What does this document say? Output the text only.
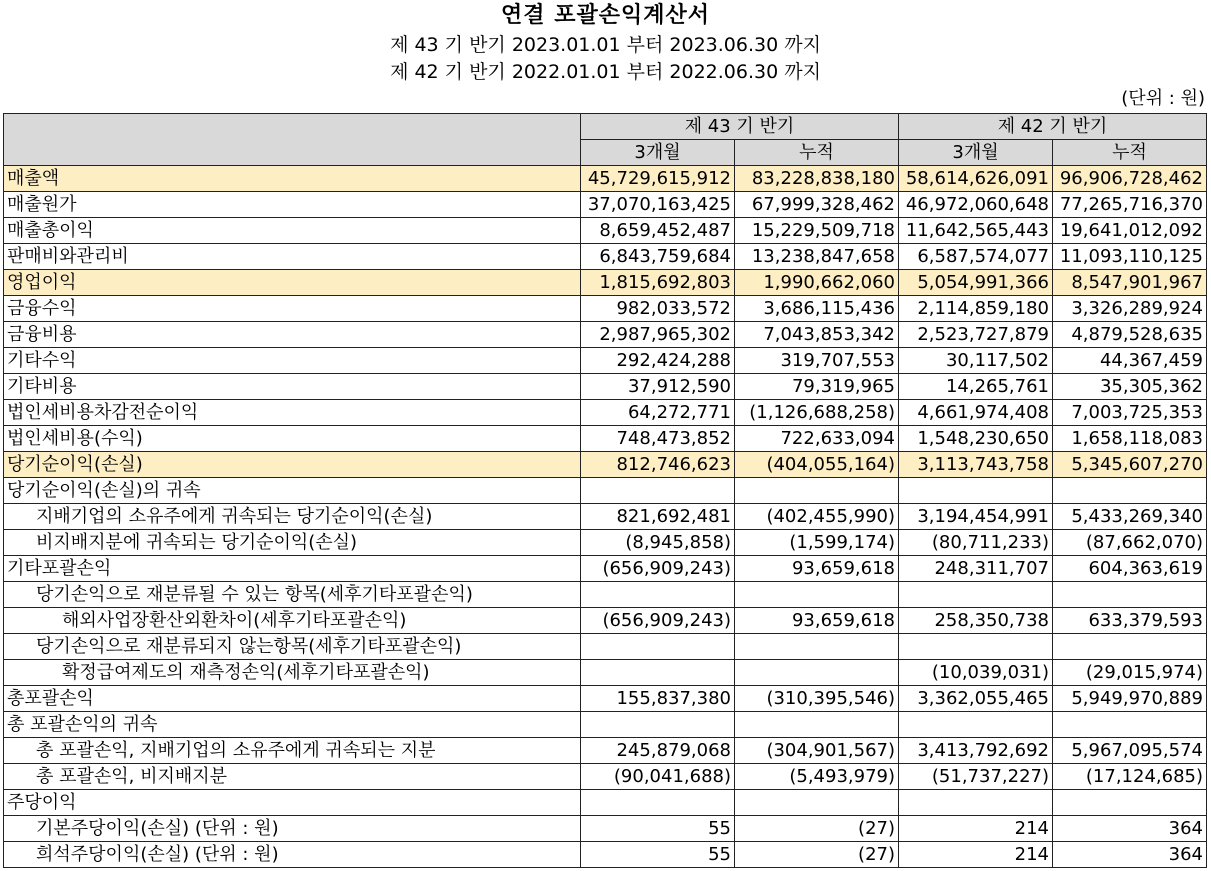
연결 포괄손익계산서
제 43 기 반기 2023.01.01 부터 2023.06.30 까지
제 42 기 반기 2022.01.01 부터 2022.06.30 까지
(단위 : 원)
	제 43 기 반기		제 42 기 반기	
	3개월	누적	3개월	누적
매출액	45,729,615,912	83,228,838,180	58,614,626,091	96,906,728,462
매출원가	37,070,163,425	67,999,328,462	46,972,060,648	77,265,716,370
매출총이익	8,659,452,487	15,229,509,718	11,642,565,443	19,641,012,092
판매비와관리비	6,843,759,684	13,238,847,658	6,587,574,077	11,093,110,125
영업이익	1,815,692,803	1,990,662,060	5,054,991,366	8,547,901,967
금융수익	982,033,572	3,686,115,436	2,114,859,180	3,326,289,924
금융비용	2,987,965,302	7,043,853,342	2,523,727,879	4,879,528,635
기타수익	292,424,288	319,707,553	30,117,502	44,367,459
기타비용	37,912,590	79,319,965	14,265,761	35,305,362
법인세비용차감전순이익	64,272,771	(1,126,688,258)	4,661,974,408	7,003,725,353
법인세비용(수익)	748,473,852	722,633,094	1,548,230,650	1,658,118,083
당기순이익(손실)	812,746,623	(404,055,164)	3,113,743,758	5,345,607,270
당기순이익(손실)의 귀속				
지배기업의 소유주에게 귀속되는 당기순이익(손실)	821,692,481	(402,455,990)	3,194,454,991	5,433,269,340
비지배지분에 귀속되는 당기순이익(손실)	(8,945,858)	(1,599,174)	(80,711,233)	(87,662,070)
기타포괄손익	(656,909,243)	93,659,618	248,311,707	604,363,619
당기손익으로 재분류될 수 있는 항목(세후기타포괄손익)				
해외사업장환산외환차이(세후기타포괄손익)	(656,909,243)	93,659,618	258,350,738	633,379,593
당기손익으로 재분류되지 않는항목(세후기타포괄손익)				
확정급여제도의 재측정손익(세후기타포괄손익)			(10,039,031)	(29,015,974)
총포괄손익	155,837,380	(310,395,546)	3,362,055,465	5,949,970,889
총 포괄손익의 귀속				
총 포괄손익, 지배기업의 소유주에게 귀속되는 지분	245,879,068	(304,901,567)	3,413,792,692	5,967,095,574
총 포괄손익, 비지배지분	(90,041,688)	(5,493,979)	(51,737,227)	(17,124,685)
주당이익				
기본주당이익(손실) (단위 : 원)	55	(27)	214	364
희석주당이익(손실) (단위 : 원)	55	(27)	214	364
